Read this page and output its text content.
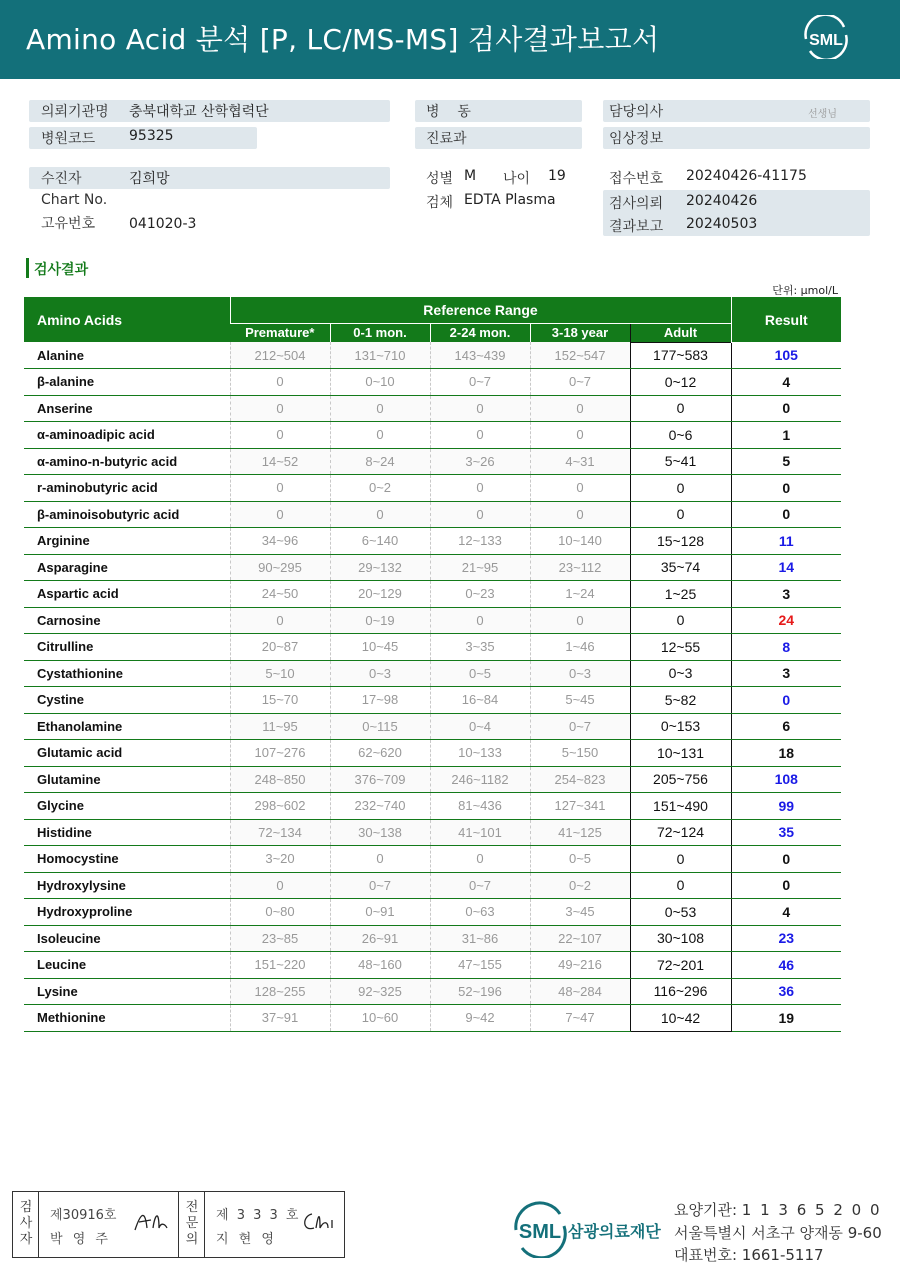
Amino Acid 분석 [P, LC/MS-MS] 검사결과보고서	SML
의뢰기관명 충북대학교 산학협력단
병원코드 95325
수진자	김희망
Chart No.
고유번호 041020-3
병    동
진료과
성별 M 나이 19
검체 EDTA Plasma
담당의사	선생님
임상정보
접수번호 20240426-41175
검사의뢰 20240426
결과보고 20240503
검사결과
단위: μmol/L
Amino Acids	Reference Range					Result
	Premature*	0-1 mon.	2-24 mon.	3-18 year	Adult	
Alanine	212~504	131~710	143~439	152~547	177~583	105
β-alanine	0	0~10	0~7	0~7	0~12	4
Anserine	0	0	0	0	0	0
α-aminoadipic acid	0	0	0	0	0~6	1
α-amino-n-butyric acid	14~52	8~24	3~26	4~31	5~41	5
r-aminobutyric acid	0	0~2	0	0	0	0
β-aminoisobutyric acid	0	0	0	0	0	0
Arginine	34~96	6~140	12~133	10~140	15~128	11
Asparagine	90~295	29~132	21~95	23~112	35~74	14
Aspartic acid	24~50	20~129	0~23	1~24	1~25	3
Carnosine	0	0~19	0	0	0	24
Citrulline	20~87	10~45	3~35	1~46	12~55	8
Cystathionine	5~10	0~3	0~5	0~3	0~3	3
Cystine	15~70	17~98	16~84	5~45	5~82	0
Ethanolamine	11~95	0~115	0~4	0~7	0~153	6
Glutamic acid	107~276	62~620	10~133	5~150	10~131	18
Glutamine	248~850	376~709	246~1182	254~823	205~756	108
Glycine	298~602	232~740	81~436	127~341	151~490	99
Histidine	72~134	30~138	41~101	41~125	72~124	35
Homocystine	3~20	0	0	0~5	0	0
Hydroxylysine	0	0~7	0~7	0~2	0	0
Hydroxyproline	0~80	0~91	0~63	3~45	0~53	4
Isoleucine	23~85	26~91	31~86	22~107	30~108	23
Leucine	151~220	48~160	47~155	49~216	72~201	46
Lysine	128~255	92~325	52~196	48~284	116~296	36
Methionine	37~91	10~60	9~42	7~47	10~42	19
검사자
제30916호
박 영 주
전문의
제 3 3 3 호
지 현 영	SML 삼광의료재단
요양기관: 1 1 3 6 5 2 0 0
서울특별시 서초구 양재동 9-60
대표번호: 1661-5117
